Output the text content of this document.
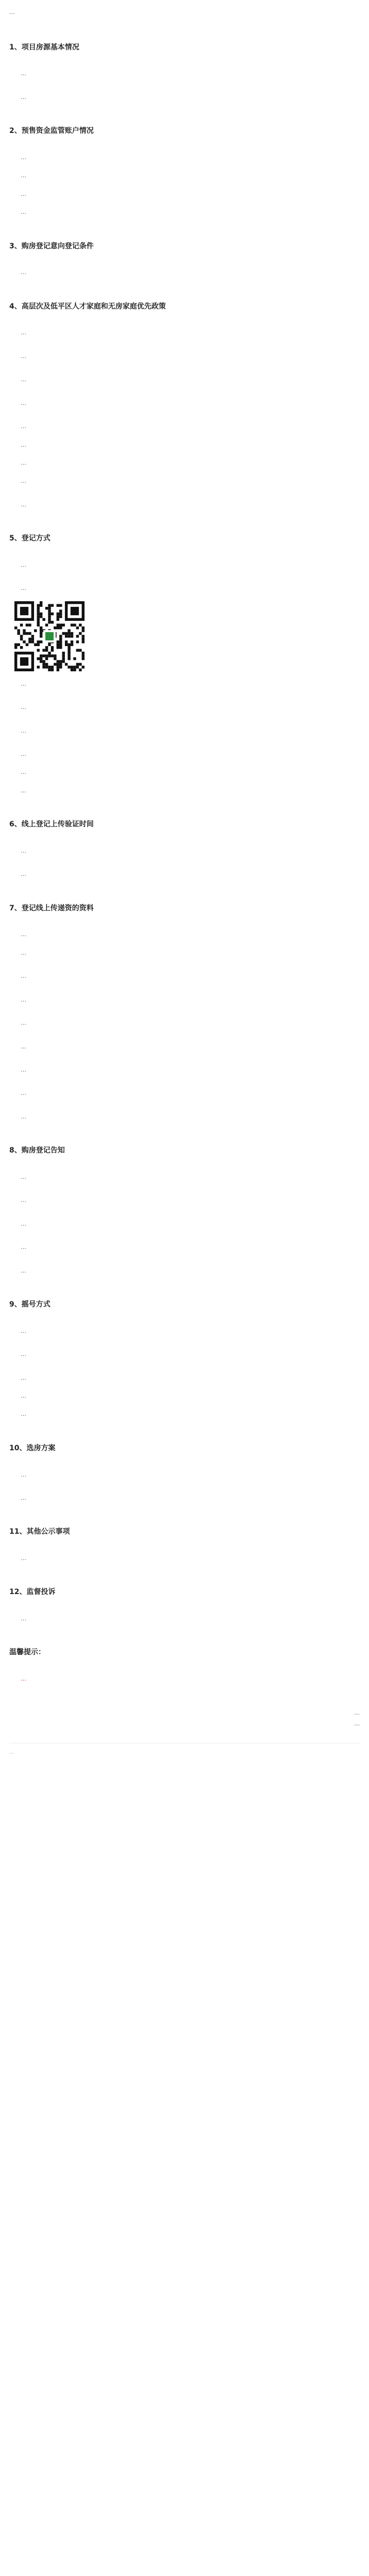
…

1、项目房源基本情况

…

…

2、预售资金监管账户情况

…

…

…

…

3、购房登记意向登记条件

…

4、高层次及低平区人才家庭和无房家庭优先政策

…

…

…

…

…

…

…

…

…

5、登记方式

…

…

…

…

…

…

…

…

6、线上登记上传验证时间

…

…

7、登记线上传递资的资料

…

…

…

…

…

…

…

…

…

8、购房登记告知

…

…

…

…

…

9、摇号方式

…

…

…

…

…

10、选房方案

…

…

11、其他公示事项

…

12、监督投诉

…

温馨提示：

…

…
…

…
